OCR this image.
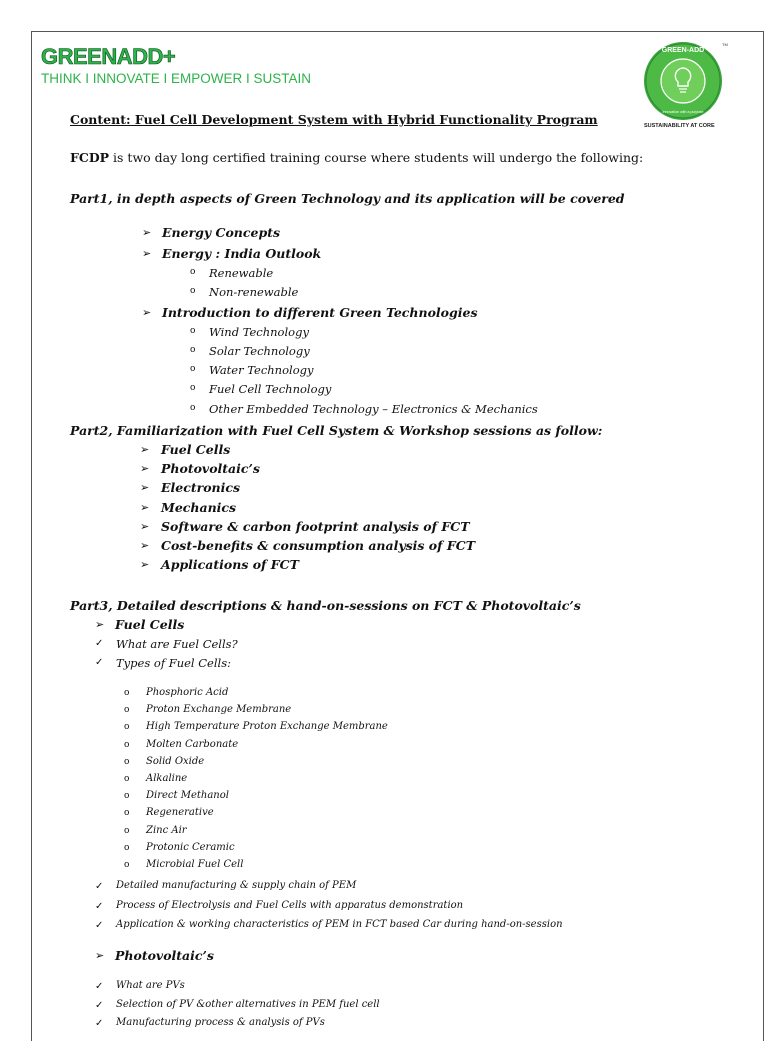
GREENADD+
THINK I INNOVATE I EMPOWER I SUSTAIN
GREEN-ADD
Innovation with a purpose
TM
SUSTAINABILITY AT CORE
Content: Fuel Cell Development System with Hybrid Functionality Program
FCDP is two day long certified training course where students will undergo the following:
Part1, in depth aspects of Green Technology and its application will be covered
➢ Energy Concepts
➢ Energy : India Outlook
o Renewable
o Non-renewable
➢ Introduction to different Green Technologies
o Wind Technology
o Solar Technology
o Water Technology
o Fuel Cell Technology
o Other Embedded Technology – Electronics & Mechanics
Part2, Familiarization with Fuel Cell System & Workshop sessions as follow:
➢ Fuel Cells
➢ Photovoltaic’s
➢ Electronics
➢ Mechanics
➢ Software & carbon footprint analysis of FCT
➢ Cost-benefits & consumption analysis of FCT
➢ Applications of FCT
Part3, Detailed descriptions & hand-on-sessions on FCT & Photovoltaic’s
➢ Fuel Cells
✓ What are Fuel Cells?
✓ Types of Fuel Cells:
o Phosphoric Acid
o Proton Exchange Membrane
o High Temperature Proton Exchange Membrane
o Molten Carbonate
o Solid Oxide
o Alkaline
o Direct Methanol
o Regenerative
o Zinc Air
o Protonic Ceramic
o Microbial Fuel Cell
✓ Detailed manufacturing & supply chain of PEM
✓ Process of Electrolysis and Fuel Cells with apparatus demonstration
✓ Application & working characteristics of PEM in FCT based Car during hand-on-session
➢ Photovoltaic’s
✓ What are PVs
✓ Selection of PV &other alternatives in PEM fuel cell
✓ Manufacturing process & analysis of PVs
